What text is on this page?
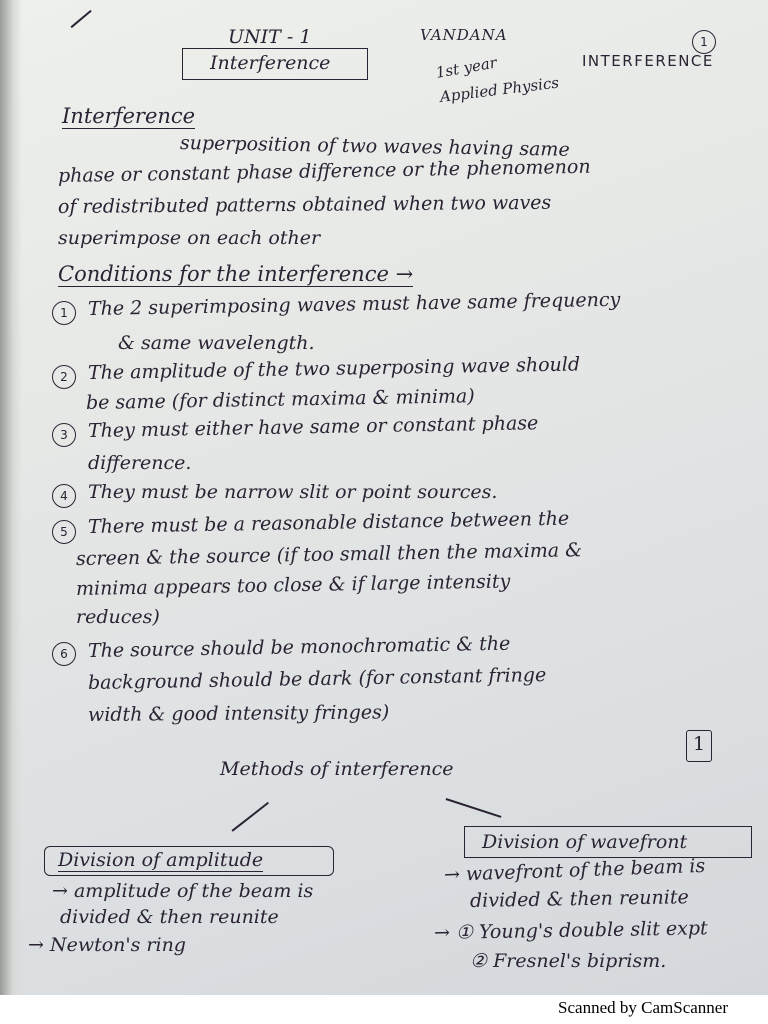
UNIT - 1	VANDANA	1
Interference	INTERFERENCE
1st year
Applied Physics
Interference
superposition of two waves having same
phase or constant phase difference or the phenomenon
of redistributed patterns obtained when two waves
superimpose on each other
Conditions for the interference →
1	The 2 superimposing waves must have same frequency
& same wavelength.
2	The amplitude of the two superposing wave should
be same (for distinct maxima & minima)
3	They must either have same or constant phase
difference.
4	They must be narrow slit or point sources.
5	There must be a reasonable distance between the
screen & the source (if too small then the maxima &
minima appears too close & if large intensity
reduces)
6	The source should be monochromatic & the
background should be dark (for constant fringe
width & good intensity fringes)
1
Methods of interference
Division of amplitude
→ amplitude of the beam is
divided & then reunite
→ Newton's ring
Division of wavefront
→ wavefront of the beam is
divided & then reunite
→ ① Young's double slit expt
② Fresnel's biprism.
Scanned by CamScanner
